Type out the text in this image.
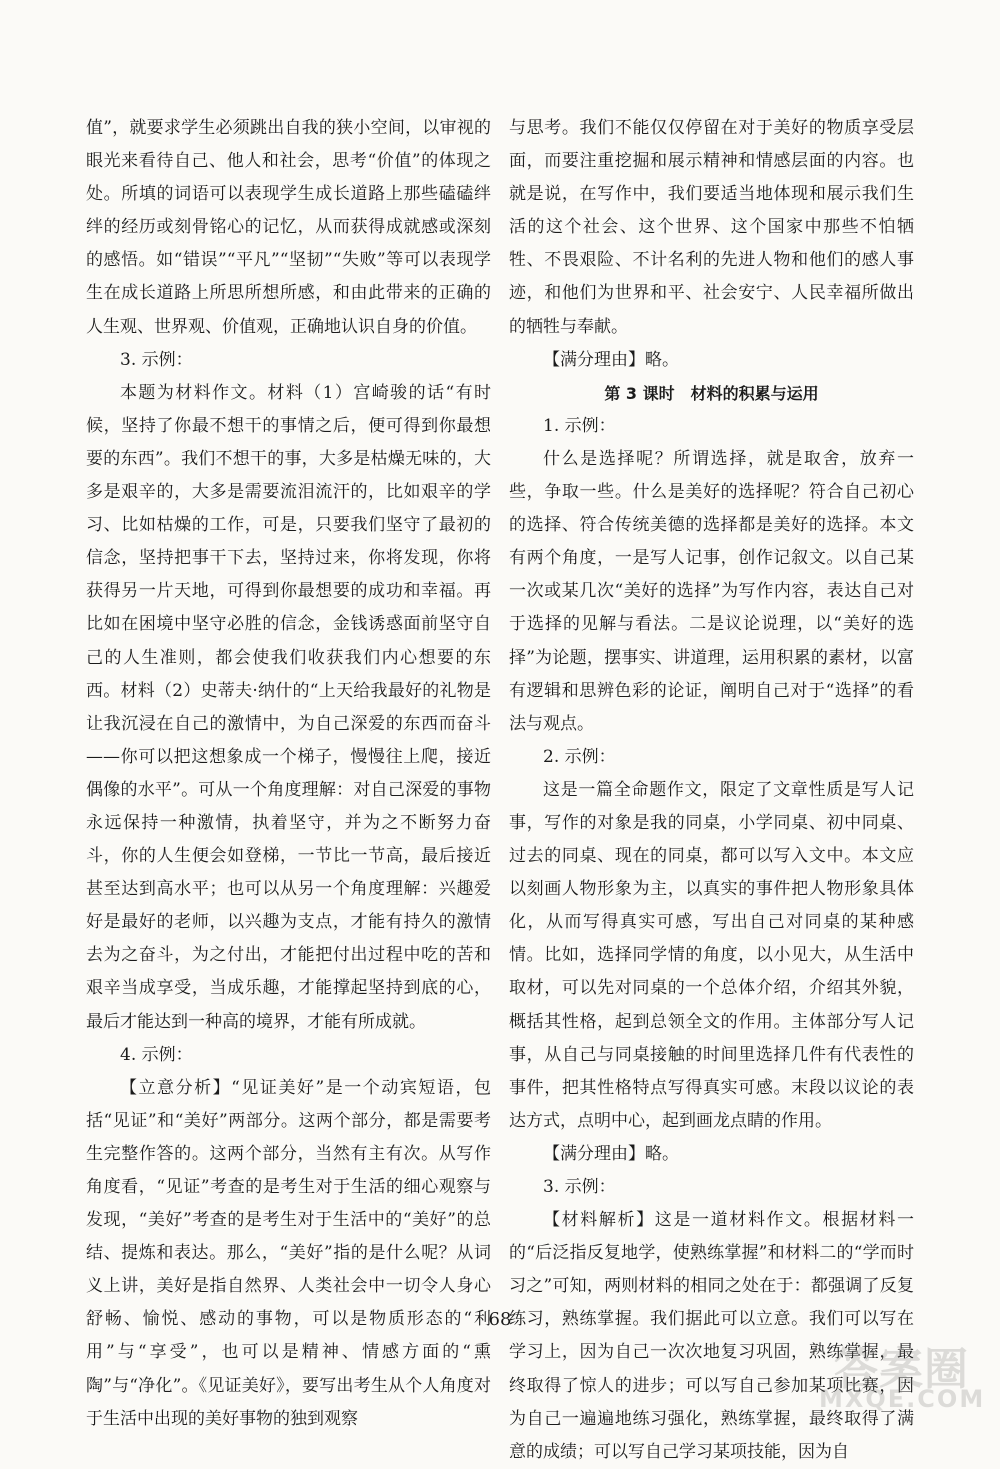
值”，就要求学生必须跳出自我的狭小空间，以审视的眼光来看待自己、他人和社会，思考“价值”的体现之处。所填的词语可以表现学生成长道路上那些磕磕绊绊的经历或刻骨铭心的记忆，从而获得成就感或深刻的感悟。如“错误”“平凡”“坚韧”“失败”等可以表现学生在成长道路上所思所想所感，和由此带来的正确的人生观、世界观、价值观，正确地认识自身的价值。

3. 示例：

本题为材料作文。材料（1）宫崎骏的话“有时候，坚持了你最不想干的事情之后，便可得到你最想要的东西”。我们不想干的事，大多是枯燥无味的，大多是艰辛的，大多是需要流泪流汗的，比如艰辛的学习、比如枯燥的工作，可是，只要我们坚守了最初的信念，坚持把事干下去，坚持过来，你将发现，你将获得另一片天地，可得到你最想要的成功和幸福。再比如在困境中坚守必胜的信念，金钱诱惑面前坚守自己的人生准则，都会使我们收获我们内心想要的东西。材料（2）史蒂夫·纳什的“上天给我最好的礼物是让我沉浸在自己的激情中，为自己深爱的东西而奋斗——你可以把这想象成一个梯子，慢慢往上爬，接近偶像的水平”。可从一个角度理解：对自己深爱的事物永远保持一种激情，执着坚守，并为之不断努力奋斗，你的人生便会如登梯，一节比一节高，最后接近甚至达到高水平；也可以从另一个角度理解：兴趣爱好是最好的老师，以兴趣为支点，才能有持久的激情去为之奋斗，为之付出，才能把付出过程中吃的苦和艰辛当成享受，当成乐趣，才能撑起坚持到底的心，最后才能达到一种高的境界，才能有所成就。

4. 示例：

【立意分析】“见证美好”是一个动宾短语，包括“见证”和“美好”两部分。这两个部分，都是需要考生完整作答的。这两个部分，当然有主有次。从写作角度看，“见证”考查的是考生对于生活的细心观察与发现，“美好”考查的是考生对于生活中的“美好”的总结、提炼和表达。那么，“美好”指的是什么呢？从词义上讲，美好是指自然界、人类社会中一切令人身心舒畅、愉悦、感动的事物，可以是物质形态的“利用”与“享受”，也可以是精神、情感方面的“熏陶”与“净化”。《见证美好》，要写出考生从个人角度对于生活中出现的美好事物的独到观察

与思考。我们不能仅仅停留在对于美好的物质享受层面，而要注重挖掘和展示精神和情感层面的内容。也就是说，在写作中，我们要适当地体现和展示我们生活的这个社会、这个世界、这个国家中那些不怕牺牲、不畏艰险、不计名利的先进人物和他们的感人事迹，和他们为世界和平、社会安宁、人民幸福所做出的牺牲与奉献。

【满分理由】略。

第 3 课时　材料的积累与运用

1. 示例：

什么是选择呢？所谓选择，就是取舍，放弃一些，争取一些。什么是美好的选择呢？符合自己初心的选择、符合传统美德的选择都是美好的选择。本文有两个角度，一是写人记事，创作记叙文。以自己某一次或某几次“美好的选择”为写作内容，表达自己对于选择的见解与看法。二是议论说理，以“美好的选择”为论题，摆事实、讲道理，运用积累的素材，以富有逻辑和思辨色彩的论证，阐明自己对于“选择”的看法与观点。

2. 示例：

这是一篇全命题作文，限定了文章性质是写人记事，写作的对象是我的同桌，小学同桌、初中同桌、过去的同桌、现在的同桌，都可以写入文中。本文应以刻画人物形象为主，以真实的事件把人物形象具体化，从而写得真实可感，写出自己对同桌的某种感情。比如，选择同学情的角度，以小见大，从生活中取材，可以先对同桌的一个总体介绍，介绍其外貌，概括其性格，起到总领全文的作用。主体部分写人记事，从自己与同桌接触的时间里选择几件有代表性的事件，把其性格特点写得真实可感。末段以议论的表达方式，点明中心，起到画龙点睛的作用。

【满分理由】略。

3. 示例：

【材料解析】这是一道材料作文。根据材料一的“后泛指反复地学，使熟练掌握”和材料二的“学而时习之”可知，两则材料的相同之处在于：都强调了反复练习，熟练掌握。我们据此可以立意。我们可以写在学习上，因为自己一次次地复习巩固，熟练掌握，最终取得了惊人的进步；可以写自己参加某项比赛，因为自己一遍遍地练习强化，熟练掌握，最终取得了满意的成绩；可以写自己学习某项技能，因为自

68
答案圈
MXQE.COM
